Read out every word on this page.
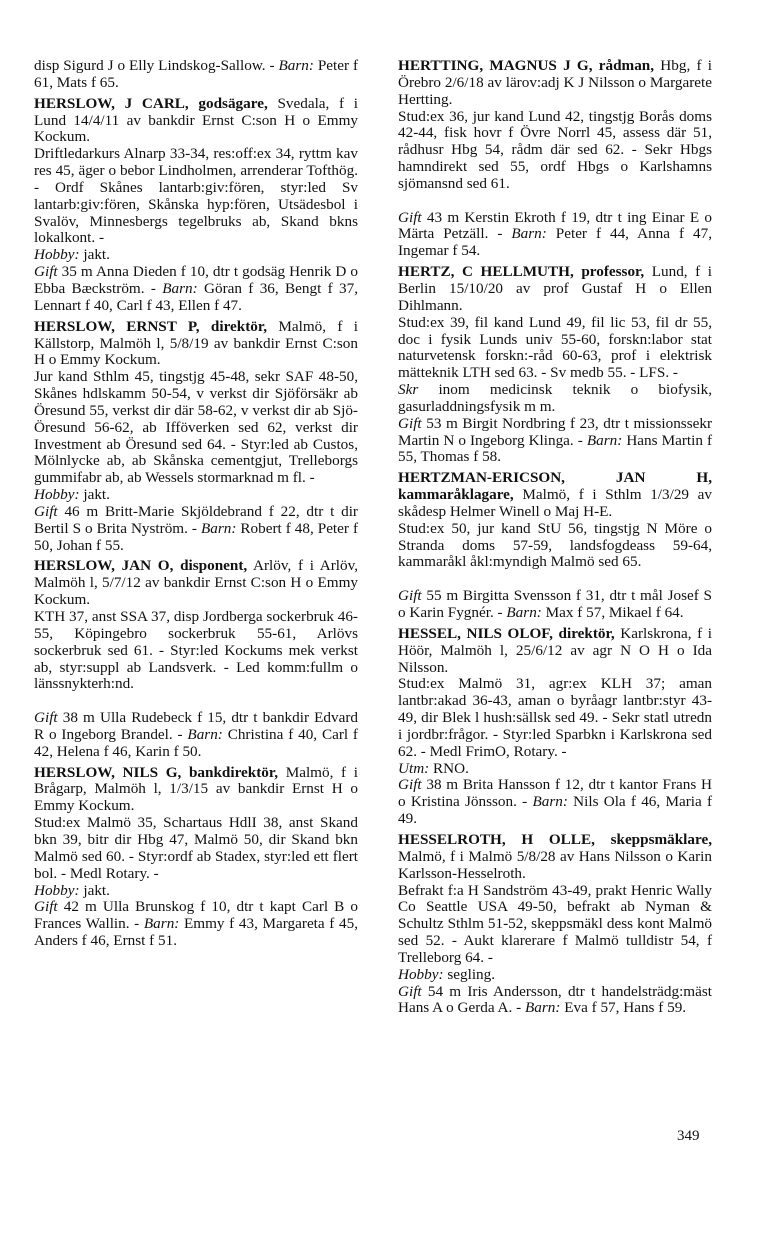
disp Sigurd J o Elly Lindskog-Sallow. - Barn: Peter f 61, Mats f 65.

HERSLOW, J CARL, godsägare, Svedala, f i Lund 14/4/11 av bankdir Ernst C:son H o Emmy Kockum.
Driftledarkurs Alnarp 33-34, res:off:ex 34, ryttm kav res 45, äger o bebor Lindholmen, arrenderar Tofthög. - Ordf Skånes lantarb:giv:fören, styr:led Sv lantarb:giv:fören, Skånska hyp:fören, Utsädesbol i Svalöv, Minnesbergs tegelbruks ab, Skand bkns lokalkont. -
Hobby: jakt.
Gift 35 m Anna Dieden f 10, dtr t godsäg Henrik D o Ebba Bæckström. - Barn: Göran f 36, Bengt f 37, Lennart f 40, Carl f 43, Ellen f 47.

HERSLOW, ERNST P, direktör, Malmö, f i Källstorp, Malmöh l, 5/8/19 av bankdir Ernst C:son H o Emmy Kockum.
Jur kand Sthlm 45, tingstjg 45-48, sekr SAF 48-50, Skånes hdlskamm 50-54, v verkst dir Sjöförsäkr ab Öresund 55, verkst dir där 58-62, v verkst dir ab Sjö-Öresund 56-62, ab Ifföverken sed 62, verkst dir Investment ab Öresund sed 64. - Styr:led ab Custos, Mölnlycke ab, ab Skånska cementgjut, Trelleborgs gummifabr ab, ab Wessels stormarknad m fl. -
Hobby: jakt.
Gift 46 m Britt-Marie Skjöldebrand f 22, dtr t dir Bertil S o Brita Nyström. - Barn: Robert f 48, Peter f 50, Johan f 55.

HERSLOW, JAN O, disponent, Arlöv, f i Arlöv, Malmöh l, 5/7/12 av bankdir Ernst C:son H o Emmy Kockum.
KTH 37, anst SSA 37, disp Jordberga sockerbruk 46-55, Köpingebro sockerbruk 55-61, Arlövs sockerbruk sed 61. - Styr:led Kockums mek verkst ab, styr:suppl ab Landsverk. - Led komm:fullm o länssnykterh:nd.

Gift 38 m Ulla Rudebeck f 15, dtr t bankdir Edvard R o Ingeborg Brandel. - Barn: Christina f 40, Carl f 42, Helena f 46, Karin f 50.

HERSLOW, NILS G, bankdirektör, Malmö, f i Brågarp, Malmöh l, 1/3/15 av bankdir Ernst H o Emmy Kockum.
Stud:ex Malmö 35, Schartaus HdlI 38, anst Skand bkn 39, bitr dir Hbg 47, Malmö 50, dir Skand bkn Malmö sed 60. - Styr:ordf ab Stadex, styr:led ett flert bol. - Medl Rotary. -
Hobby: jakt.
Gift 42 m Ulla Brunskog f 10, dtr t kapt Carl B o Frances Wallin. - Barn: Emmy f 43, Margareta f 45, Anders f 46, Ernst f 51.

HERTTING, MAGNUS J G, rådman, Hbg, f i Örebro 2/6/18 av lärov:adj K J Nilsson o Margarete Hertting.
Stud:ex 36, jur kand Lund 42, tingstjg Borås doms 42-44, fisk hovr f Övre Norrl 45, assess där 51, rådhusr Hbg 54, rådm där sed 62. - Sekr Hbgs hamndirekt sed 55, ordf Hbgs o Karlshamns sjömansnd sed 61.

Gift 43 m Kerstin Ekroth f 19, dtr t ing Einar E o Märta Petzäll. - Barn: Peter f 44, Anna f 47, Ingemar f 54.

HERTZ, C HELLMUTH, professor, Lund, f i Berlin 15/10/20 av prof Gustaf H o Ellen Dihlmann.
Stud:ex 39, fil kand Lund 49, fil lic 53, fil dr 55, doc i fysik Lunds univ 55-60, forskn:labor stat naturvetensk forskn:-råd 60-63, prof i elektrisk mätteknik LTH sed 63. - Sv medb 55. - LFS. -
Skr inom medicinsk teknik o biofysik, gasurladdningsfysik m m.
Gift 53 m Birgit Nordbring f 23, dtr t missionssekr Martin N o Ingeborg Klinga. - Barn: Hans Martin f 55, Thomas f 58.

HERTZMAN-ERICSON, JAN H, kammaråklagare, Malmö, f i Sthlm 1/3/29 av skådesp Helmer Winell o Maj H-E.
Stud:ex 50, jur kand StU 56, tingstjg N Möre o Stranda doms 57-59, landsfogdeass 59-64, kammaråkl åkl:myndigh Malmö sed 65.

Gift 55 m Birgitta Svensson f 31, dtr t mål Josef S o Karin Fygnér. - Barn: Max f 57, Mikael f 64.

HESSEL, NILS OLOF, direktör, Karlskrona, f i Höör, Malmöh l, 25/6/12 av agr N O H o Ida Nilsson.
Stud:ex Malmö 31, agr:ex KLH 37; aman lantbr:akad 36-43, aman o byråagr lantbr:styr 43-49, dir Blek l hush:sällsk sed 49. - Sekr statl utredn i jordbr:frågor. - Styr:led Sparbkn i Karlskrona sed 62. - Medl FrimO, Rotary. -
Utm: RNO.
Gift 38 m Brita Hansson f 12, dtr t kantor Frans H o Kristina Jönsson. - Barn: Nils Ola f 46, Maria f 49.

HESSELROTH, H OLLE, skeppsmäklare, Malmö, f i Malmö 5/8/28 av Hans Nilsson o Karin Karlsson-Hesselroth.
Befrakt f:a H Sandström 43-49, prakt Henric Wally Co Seattle USA 49-50, befrakt ab Nyman & Schultz Sthlm 51-52, skeppsmäkl dess kont Malmö sed 52. - Aukt klarerare f Malmö tulldistr 54, f Trelleborg 64. -
Hobby: segling.
Gift 54 m Iris Andersson, dtr t handelsträdg:mäst Hans A o Gerda A. - Barn: Eva f 57, Hans f 59.

349
